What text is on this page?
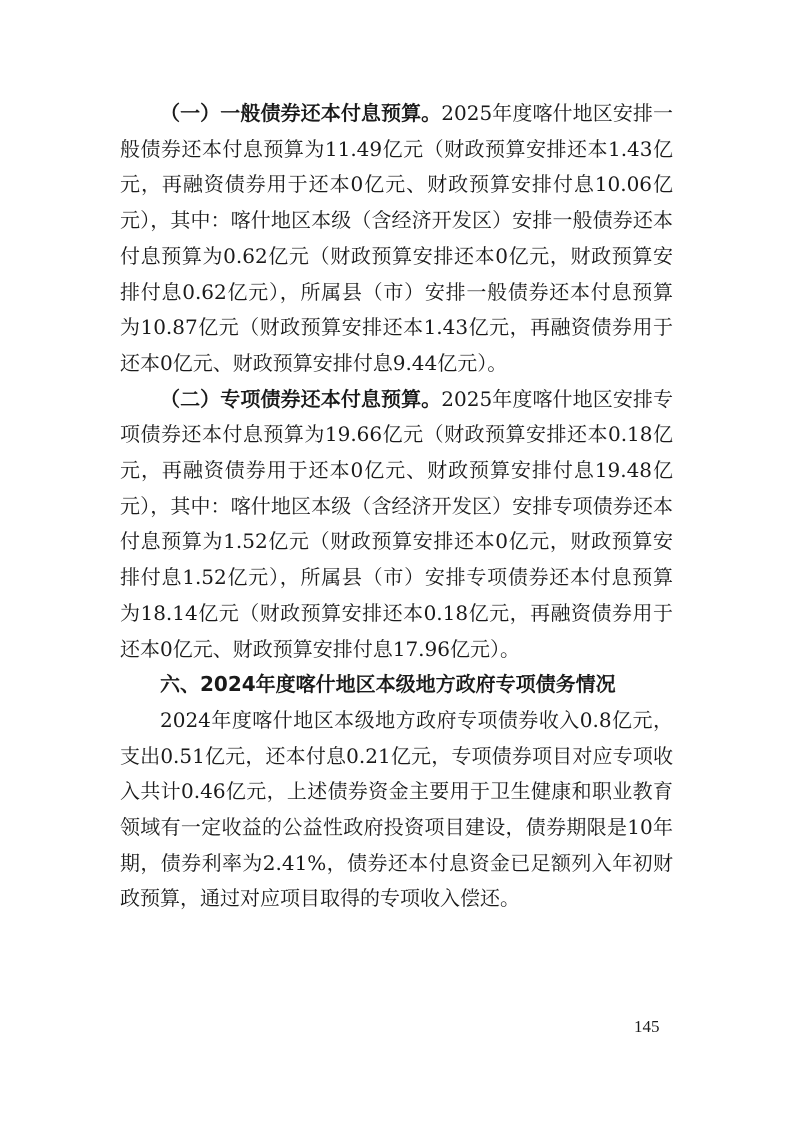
（一）一般债券还本付息预算。2025年度喀什地区安排一般债券还本付息预算为11.49亿元（财政预算安排还本1.43亿元，再融资债券用于还本0亿元、财政预算安排付息10.06亿元），其中：喀什地区本级（含经济开发区）安排一般债券还本付息预算为0.62亿元（财政预算安排还本0亿元，财政预算安排付息0.62亿元），所属县（市）安排一般债券还本付息预算为10.87亿元（财政预算安排还本1.43亿元，再融资债券用于还本0亿元、财政预算安排付息9.44亿元）。

（二）专项债券还本付息预算。2025年度喀什地区安排专项债券还本付息预算为19.66亿元（财政预算安排还本0.18亿元，再融资债券用于还本0亿元、财政预算安排付息19.48亿元），其中：喀什地区本级（含经济开发区）安排专项债券还本付息预算为1.52亿元（财政预算安排还本0亿元，财政预算安排付息1.52亿元），所属县（市）安排专项债券还本付息预算为18.14亿元（财政预算安排还本0.18亿元，再融资债券用于还本0亿元、财政预算安排付息17.96亿元）。

六、2024年度喀什地区本级地方政府专项债务情况

2024年度喀什地区本级地方政府专项债券收入0.8亿元，支出0.51亿元，还本付息0.21亿元，专项债券项目对应专项收入共计0.46亿元，上述债券资金主要用于卫生健康和职业教育领域有一定收益的公益性政府投资项目建设，债券期限是10年期，债券利率为2.41%，债券还本付息资金已足额列入年初财政预算，通过对应项目取得的专项收入偿还。

145
